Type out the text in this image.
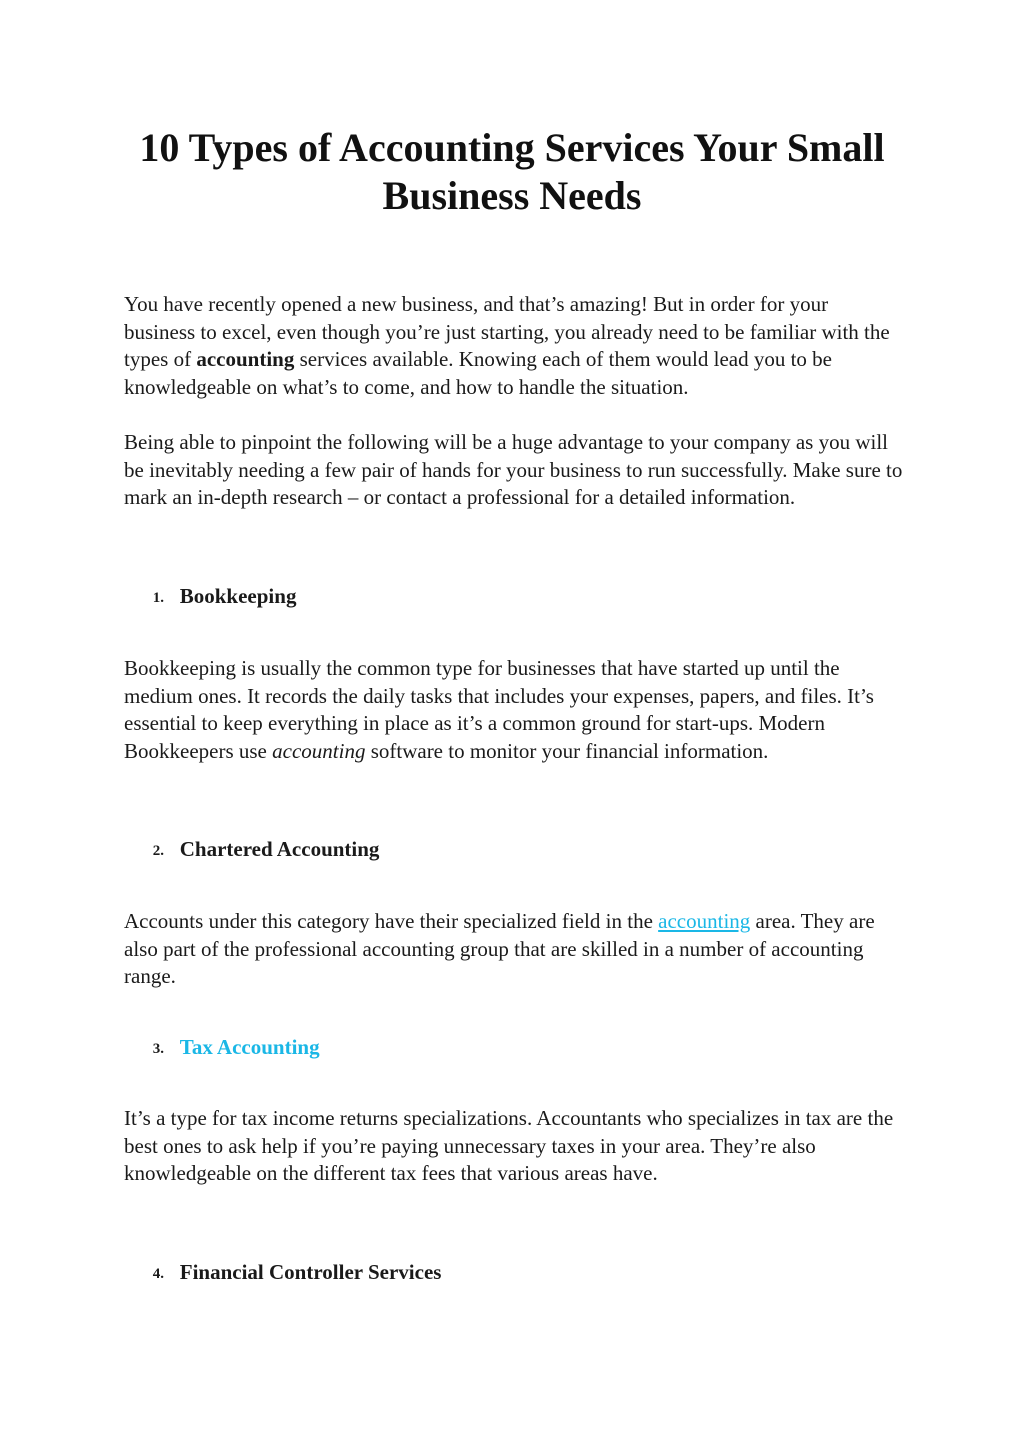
10 Types of Accounting Services Your Small Business Needs

You have recently opened a new business, and that’s amazing! But in order for your business to excel, even though you’re just starting, you already need to be familiar with the types of accounting services available. Knowing each of them would lead you to be knowledgeable on what’s to come, and how to handle the situation.

Being able to pinpoint the following will be a huge advantage to your company as you will be inevitably needing a few pair of hands for your business to run successfully. Make sure to mark an in-depth research – or contact a professional for a detailed information.

1. Bookkeeping

Bookkeeping is usually the common type for businesses that have started up until the medium ones. It records the daily tasks that includes your expenses, papers, and files. It’s essential to keep everything in place as it’s a common ground for start-ups. Modern Bookkeepers use accounting software to monitor your financial information.

2. Chartered Accounting

Accounts under this category have their specialized field in the accounting area. They are also part of the professional accounting group that are skilled in a number of accounting range.

3. Tax Accounting

It’s a type for tax income returns specializations. Accountants who specializes in tax are the best ones to ask help if you’re paying unnecessary taxes in your area. They’re also knowledgeable on the different tax fees that various areas have.

4. Financial Controller Services
